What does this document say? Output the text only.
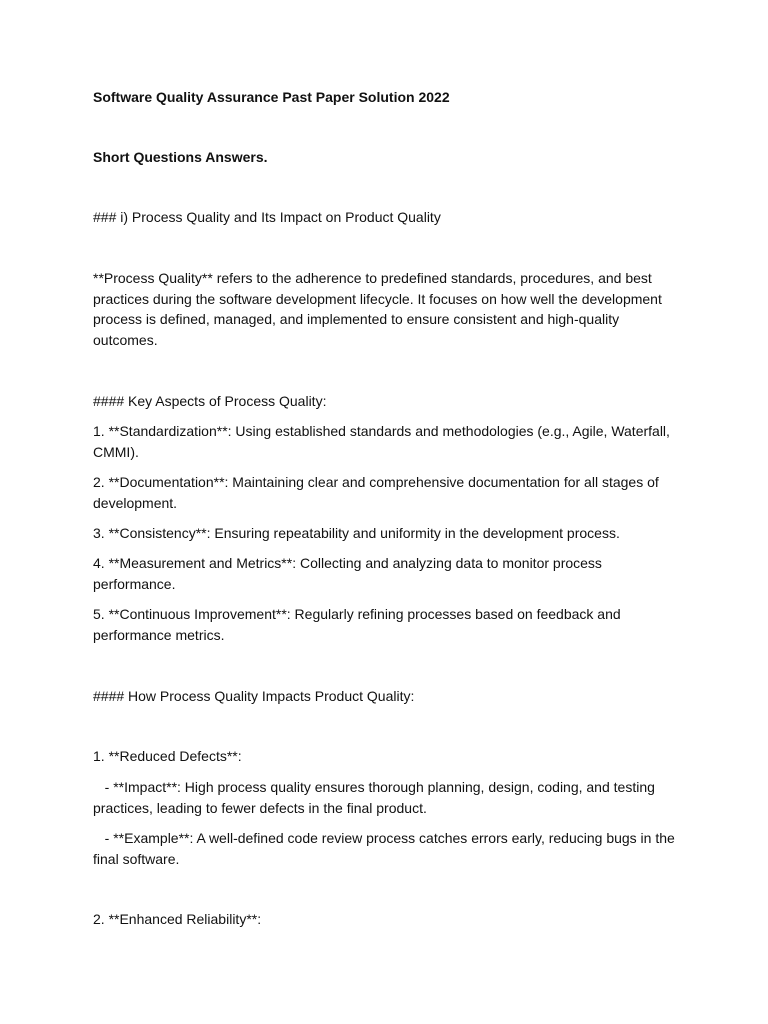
Software Quality Assurance Past Paper Solution 2022

Short Questions Answers.

### i) Process Quality and Its Impact on Product Quality

**Process Quality** refers to the adherence to predefined standards, procedures, and best practices during the software development lifecycle. It focuses on how well the development process is defined, managed, and implemented to ensure consistent and high-quality outcomes.

#### Key Aspects of Process Quality:

1. **Standardization**: Using established standards and methodologies (e.g., Agile, Waterfall, CMMI).

2. **Documentation**: Maintaining clear and comprehensive documentation for all stages of development.

3. **Consistency**: Ensuring repeatability and uniformity in the development process.

4. **Measurement and Metrics**: Collecting and analyzing data to monitor process performance.

5. **Continuous Improvement**: Regularly refining processes based on feedback and performance metrics.

#### How Process Quality Impacts Product Quality:

1. **Reduced Defects**:

- **Impact**: High process quality ensures thorough planning, design, coding, and testing practices, leading to fewer defects in the final product.

- **Example**: A well-defined code review process catches errors early, reducing bugs in the final software.

2. **Enhanced Reliability**:
